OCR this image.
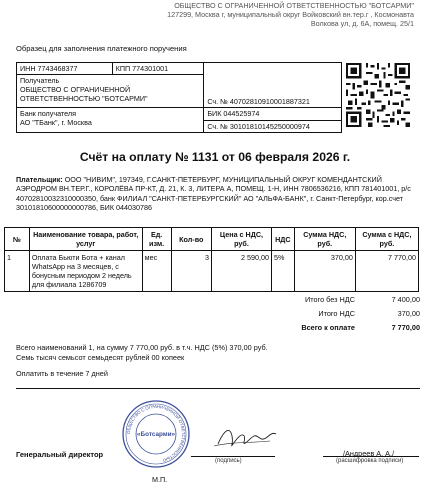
ОБЩЕСТВО С ОГРАНИЧЕННОЙ ОТВЕТСТВЕННОСТЬЮ "БОТСАРМИ"
127299, Москва г, муниципальный округ Войковский вн.тер.г , Космонавта
Волкова ул, д. 6А, помещ. 25/1
Образец для заполнения платежного поручения
ИНН 7743468377	КПП 774301001	Сч. № 40702810910001887321

Получатель
ОБЩЕСТВО С ОГРАНИЧЕННОЙ ОТВЕТСТВЕННОСТЬЮ "БОТСАРМИ"		

Банк получателя
АО "ТБанк", г. Москва		БИК 044525974
		Сч. № 30101810145250000974
Счёт на оплату № 1131 от 06 февраля 2026 г.
Плательщик: ООО "НИВИМ", 197349, Г.САНКТ-ПЕТЕРБУРГ, МУНИЦИПАЛЬНЫЙ ОКРУГ КОМЕНДАНТСКИЙ АЭРОДРОМ ВН.ТЕР.Г., КОРОЛЁВА ПР-КТ, Д. 21, К. 3, ЛИТЕРА А, ПОМЕЩ. 1-Н, ИНН 7806536216, КПП 781401001, р/с 40702810032310000350, банк ФИЛИАЛ "САНКТ-ПЕТЕРБУРГСКИЙ" АО "АЛЬФА-БАНК", г. Санкт-Петербург, кор.счет 30101810600000000786, БИК 044030786
№	Наименование товара, работ, услуг	Ед. изм.	Кол-во	Цена с НДС, руб.	НДС	Сумма НДС, руб.	Сумма с НДС, руб.
1	Оплата Бьюти Бота + канал WhatsApp на 3 месяцев, с бонусным периодом 2 недель для филиала 1286709	мес	3	2 590,00	5%	370,00	7 770,00
Итого без НДС	7 400,00
Итого НДС	370,00
Всего к оплате	7 770,00
Всего наименований 1, на сумму 7 770,00 руб. в т.ч. НДС (5%) 370,00 руб.
Семь тысяч семьсот семьдесят рублей 00 копеек
Оплатить в течение 7 дней
ОБЩЕСТВО С ОГРАНИЧЕННОЙ ОТВЕТСТВЕННОСТЬЮ
«Ботсарми»
Генеральный директор
(подпись)
/Андреев А. А./
(расшифровка подписи)
М.П.
